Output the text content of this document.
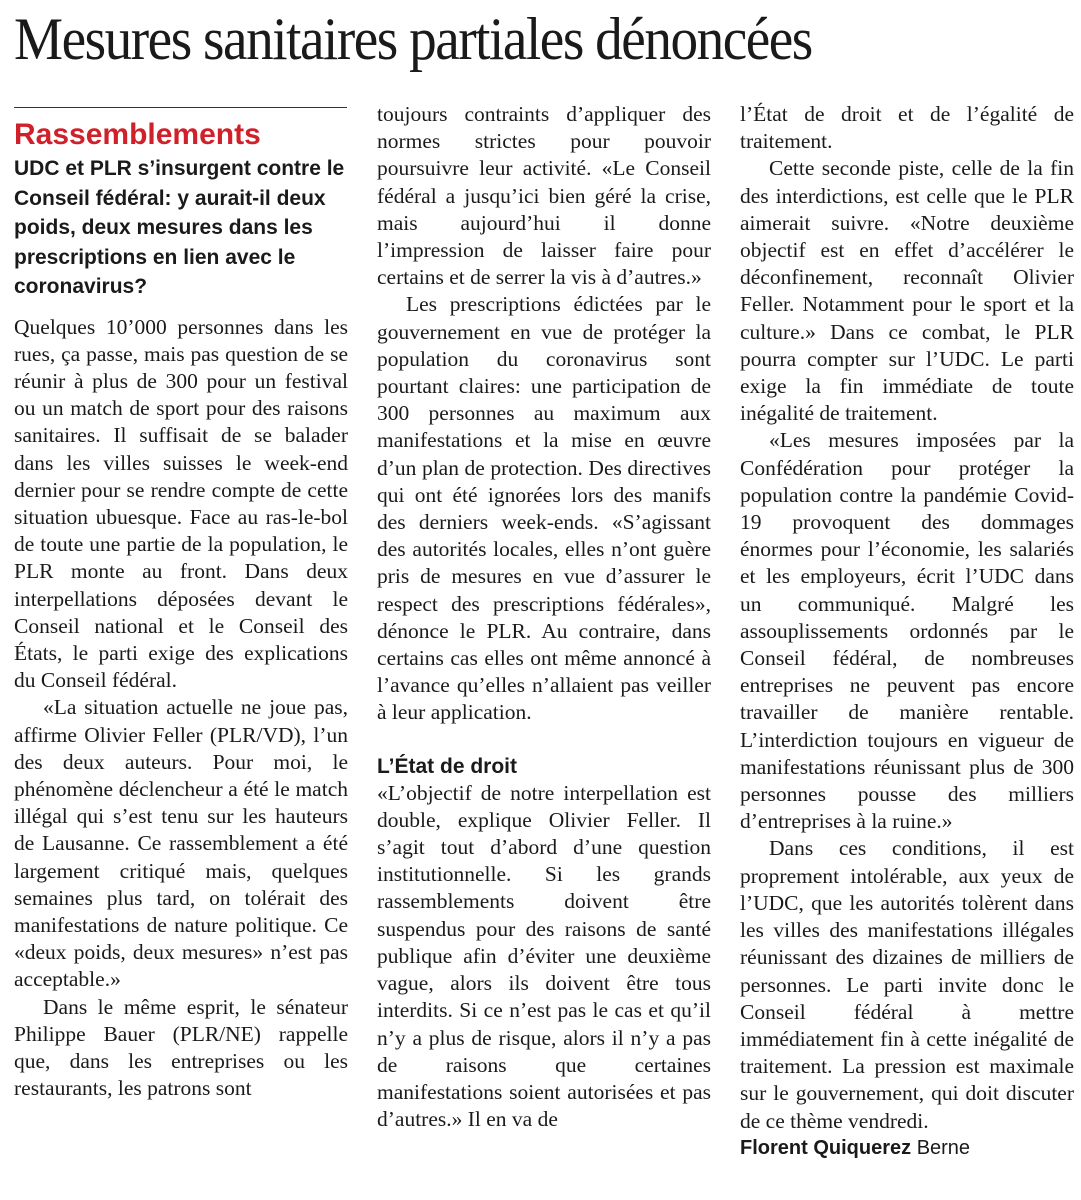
Mesures sanitaires partiales dénoncées
Rassemblements
UDC et PLR s’insurgent contre le Conseil fédéral: y aurait-il deux poids, deux mesures dans les prescriptions en lien avec le coronavirus?

Quelques 10’000 personnes dans les rues, ça passe, mais pas question de se réunir à plus de 300 pour un festival ou un match de sport pour des raisons sanitaires. Il suffisait de se balader dans les villes suisses le week-end dernier pour se rendre compte de cette situation ubuesque. Face au ras-le-bol de toute une partie de la population, le PLR monte au front. Dans deux interpellations déposées devant le Conseil national et le Conseil des États, le parti exige des explications du Conseil fédéral.

«La situation actuelle ne joue pas, affirme Olivier Feller (PLR/VD), l’un des deux auteurs. Pour moi, le phénomène déclencheur a été le match illégal qui s’est tenu sur les hauteurs de Lausanne. Ce rassemblement a été largement critiqué mais, quelques semaines plus tard, on tolérait des manifestations de nature politique. Ce «deux poids, deux mesures» n’est pas acceptable.»

Dans le même esprit, le sénateur Philippe Bauer (PLR/NE) rappelle que, dans les entreprises ou les restaurants, les patrons sont

toujours contraints d’appliquer des normes strictes pour pouvoir poursuivre leur activité. «Le Conseil fédéral a jusqu’ici bien géré la crise, mais aujourd’hui il donne l’impression de laisser faire pour certains et de serrer la vis à d’autres.»

Les prescriptions édictées par le gouvernement en vue de protéger la population du coronavirus sont pourtant claires: une participation de 300 personnes au maximum aux manifestations et la mise en œuvre d’un plan de protection. Des directives qui ont été ignorées lors des manifs des derniers week-ends. «S’agissant des autorités locales, elles n’ont guère pris de mesures en vue d’assurer le respect des prescriptions fédérales», dénonce le PLR. Au contraire, dans certains cas elles ont même annoncé à l’avance qu’elles n’allaient pas veiller à leur application.

L’État de droit

«L’objectif de notre interpellation est double, explique Olivier Feller. Il s’agit tout d’abord d’une question institutionnelle. Si les grands rassemblements doivent être suspendus pour des raisons de santé publique afin d’éviter une deuxième vague, alors ils doivent être tous interdits. Si ce n’est pas le cas et qu’il n’y a plus de risque, alors il n’y a pas de raisons que certaines manifestations soient autorisées et pas d’autres.» Il en va de

l’État de droit et de l’égalité de traitement.

Cette seconde piste, celle de la fin des interdictions, est celle que le PLR aimerait suivre. «Notre deuxième objectif est en effet d’accélérer le déconfinement, reconnaît Olivier Feller. Notamment pour le sport et la culture.» Dans ce combat, le PLR pourra compter sur l’UDC. Le parti exige la fin immédiate de toute inégalité de traitement.

«Les mesures imposées par la Confédération pour protéger la population contre la pandémie Covid-19 provoquent des dommages énormes pour l’économie, les salariés et les employeurs, écrit l’UDC dans un communiqué. Malgré les assouplissements ordonnés par le Conseil fédéral, de nombreuses entreprises ne peuvent pas encore travailler de manière rentable. L’interdiction toujours en vigueur de manifestations réunissant plus de 300 personnes pousse des milliers d’entreprises à la ruine.»

Dans ces conditions, il est proprement intolérable, aux yeux de l’UDC, que les autorités tolèrent dans les villes des manifestations illégales réunissant des dizaines de milliers de personnes. Le parti invite donc le Conseil fédéral à mettre immédiatement fin à cette inégalité de traitement. La pression est maximale sur le gouvernement, qui doit discuter de ce thème vendredi.

Florent Quiquerez Berne
